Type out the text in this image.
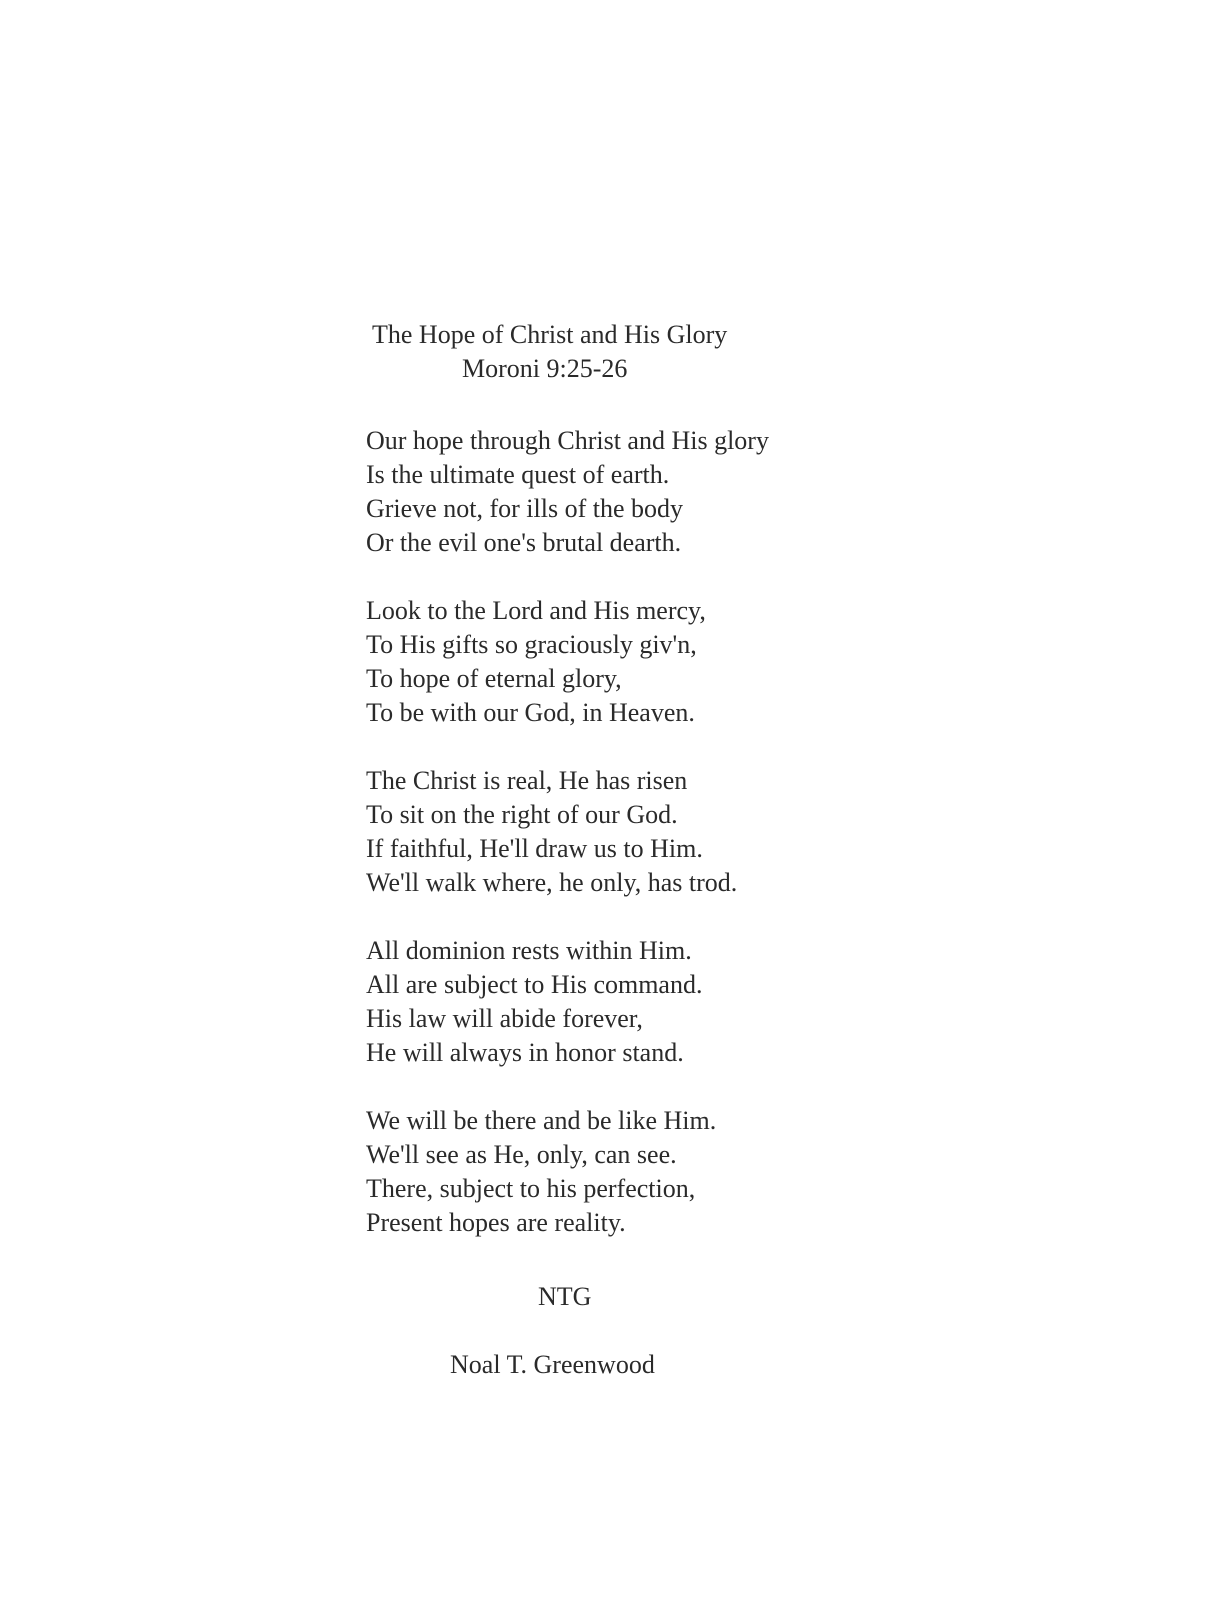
The Hope of Christ and His Glory
Moroni 9:25-26
Our hope through Christ and His glory
Is the ultimate quest of earth.
Grieve not, for ills of the body
Or the evil one's brutal dearth.
Look to the Lord and His mercy,
To His gifts so graciously giv'n,
To hope of eternal glory,
To be with our God, in Heaven.
The Christ is real, He has risen
To sit on the right of our God.
If faithful, He'll draw us to Him.
We'll walk where, he only, has trod.
All dominion rests within Him.
All are subject to His command.
His law will abide forever,
He will always in honor stand.
We will be there and be like Him.
We'll see as He, only, can see.
There, subject to his perfection,
Present hopes are reality.
NTG
Noal T. Greenwood
